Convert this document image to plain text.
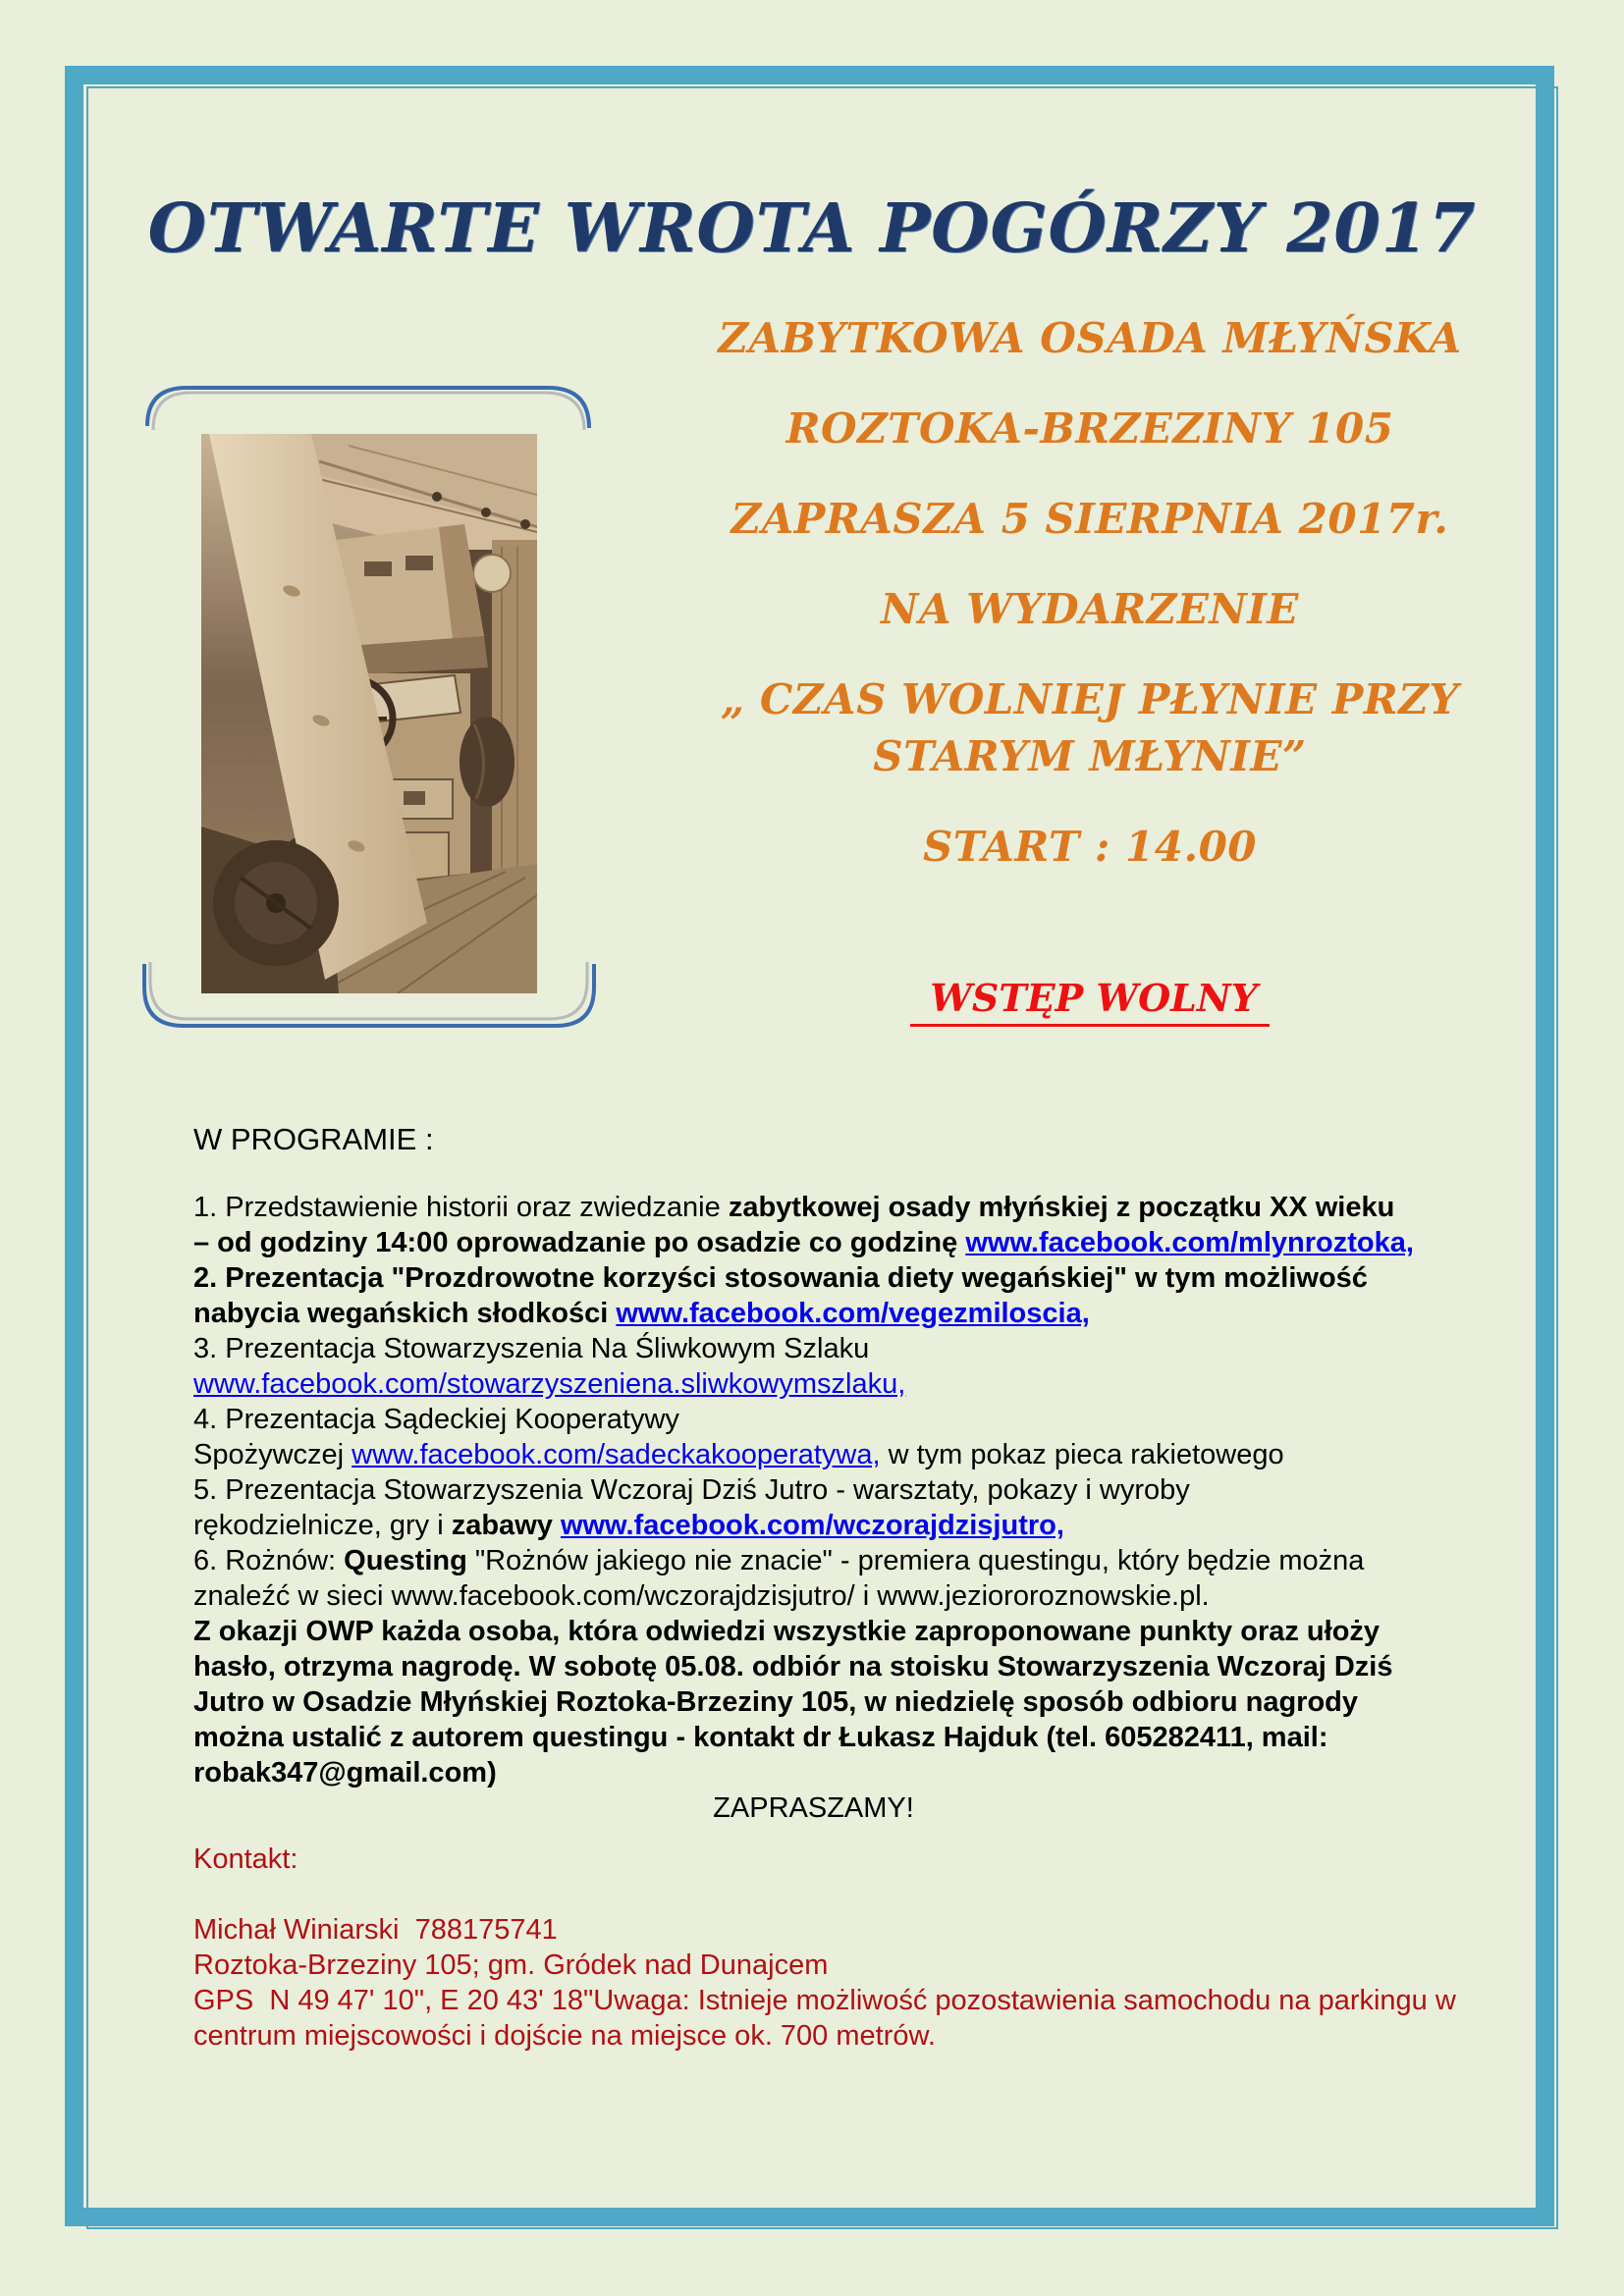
OTWARTE WROTA POGÓRZY 2017
ZABYTKOWA OSADA MŁYŃSKA
ROZTOKA-BRZEZINY 105
ZAPRASZA 5 SIERPNIA 2017r.
NA WYDARZENIE
„ CZAS WOLNIEJ PŁYNIE PRZY
STARYM MŁYNIE”
START : 14.00
WSTĘP WOLNY
W PROGRAMIE :
1. Przedstawienie historii oraz zwiedzanie zabytkowej osady młyńskiej z początku XX wieku
– od godziny 14:00 oprowadzanie po osadzie co godzinę www.facebook.com/mlynroztoka,
2. Prezentacja "Prozdrowotne korzyści stosowania diety wegańskiej" w tym możliwość
nabycia wegańskich słodkości www.facebook.com/vegezmiloscia,
3. Prezentacja Stowarzyszenia Na Śliwkowym Szlaku
www.facebook.com/stowarzyszeniena.sliwkowymszlaku,
4. Prezentacja Sądeckiej Kooperatywy
Spożywczej www.facebook.com/sadeckakooperatywa, w tym pokaz pieca rakietowego
5. Prezentacja Stowarzyszenia Wczoraj Dziś Jutro - warsztaty, pokazy i wyroby
rękodzielnicze, gry i zabawy www.facebook.com/wczorajdzisjutro,
6. Rożnów: Questing "Rożnów jakiego nie znacie" - premiera questingu, który będzie można
znaleźć w sieci www.facebook.com/wczorajdzisjutro/ i www.jeziororoznowskie.pl.
Z okazji OWP każda osoba, która odwiedzi wszystkie zaproponowane punkty oraz ułoży
hasło, otrzyma nagrodę. W sobotę 05.08. odbiór na stoisku Stowarzyszenia Wczoraj Dziś
Jutro w Osadzie Młyńskiej Roztoka-Brzeziny 105, w niedzielę sposób odbioru nagrody
można ustalić z autorem questingu - kontakt dr Łukasz Hajduk (tel. 605282411, mail:
robak347@gmail.com)
ZAPRASZAMY!
Kontakt:

Michał Winiarski  788175741
Roztoka-Brzeziny 105; gm. Gródek nad Dunajcem
GPS  N 49 47' 10", E 20 43' 18"Uwaga: Istnieje możliwość pozostawienia samochodu na parkingu w
centrum miejscowości i dojście na miejsce ok. 700 metrów.
